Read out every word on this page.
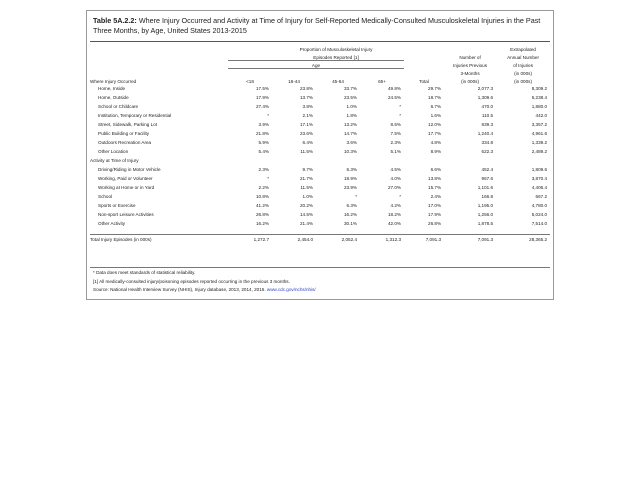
Table 5A.2.2: Where Injury Occurred and Activity at Time of Injury for Self-Reported Medically-Consulted Musculoskeletal Injuries in the Past Three Months, by Age, United States 2013-2015
	Proportion of Musculoskeletal Injury						Extrapolated
	Episodes Reported [1]					Number of	Annual Number
	Age					Injuries Previous	of Injuries
						3-Months	(in 000s)
Where Injury Occurred	<18	18-44	45-64	65+	Total	(in 000s)	(in 000s)
Home, Inside	17.5%	23.8%	33.7%	49.8%	29.7%	2,077.3	8,309.2
Home, Outside	17.9%	13.7%	23.5%	24.5%	18.7%	1,309.6	5,238.4
School or Childcare	27.4%	3.8%	1.0%	*	6.7%	470.0	1,880.0
Institution, Temporary or Residential	*	2.1%	1.8%	*	1.6%	110.5	442.0
Street, Sidewalk, Parking Lot	3.9%	17.1%	13.2%	8.5%	12.0%	839.3	3,357.2
Public Building or Facility	21.8%	23.6%	14.7%	7.5%	17.7%	1,240.4	4,961.6
Outdoors Recreation Area	5.9%	6.4%	3.6%	2.3%	4.8%	334.8	1,339.2
Other Location	5.4%	11.5%	10.3%	5.1%	8.9%	622.3	2,489.2
Activity at Time of Injury							
Driving/Riding in Motor Vehicle	2.3%	9.7%	6.3%	4.5%	6.6%	452.4	1,809.6
Working, Paid or Volunteer	*	21.7%	18.9%	4.0%	13.8%	967.6	3,870.4
Working at Home or in Yard	2.2%	11.5%	23.9%	27.0%	15.7%	1,101.6	4,406.4
School	10.8%	1.0%	*	*	2.4%	166.8	667.2
Sports or Exercise	41.2%	20.2%	6.3%	4.2%	17.0%	1,195.0	4,780.0
Non-sport Leisure Activities	26.8%	14.5%	16.2%	18.2%	17.9%	1,256.0	5,024.0
Other Activity	16.2%	21.4%	30.1%	42.0%	26.8%	1,878.5	7,514.0

Total Injury Episodes (in 000s)	1,272.7	2,454.0	2,052.4	1,312.3	7,091.3	7,091.3	28,365.2
* Data does meet standards of statistical reliability.
[1] All medically-consulted injury/poisoning episodes reported occurring in the previous 3 months.
Source: National Health Interview Survey (NHIS), Injury database, 2013, 2014, 2015. www.cdc.gov/nchs/nhis/
